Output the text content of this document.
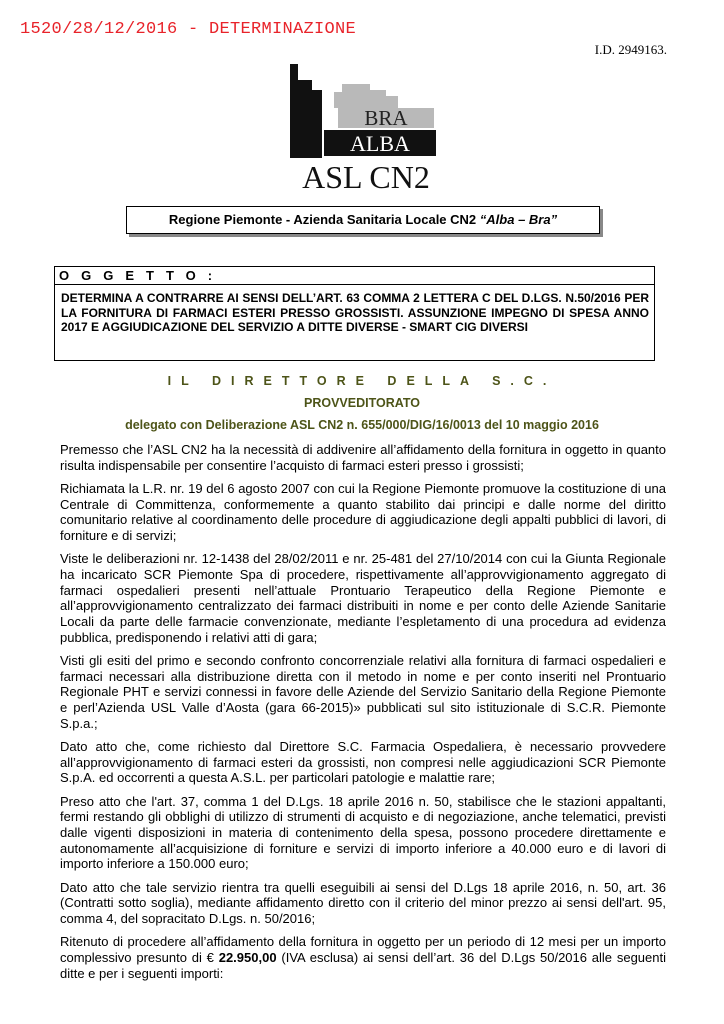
1520/28/12/2016 - DETERMINAZIONE
I.D. 2949163.
BRA
ALBA
ASL CN2
Regione Piemonte - Azienda Sanitaria Locale CN2 “Alba – Bra”
OGGETTO:
DETERMINA A CONTRARRE AI SENSI DELL’ART. 63 COMMA 2 LETTERA C DEL D.LGS. N.50/2016 PER LA FORNITURA DI FARMACI ESTERI PRESSO GROSSISTI. ASSUNZIONE IMPEGNO DI SPESA ANNO 2017 E AGGIUDICAZIONE DEL SERVIZIO A DITTE DIVERSE - SMART CIG DIVERSI
IL DIRETTORE DELLA S.C.
PROVVEDITORATO
delegato con Deliberazione ASL CN2 n. 655/000/DIG/16/0013 del 10 maggio 2016

Premesso che l’ASL CN2 ha la necessità di addivenire all’affidamento della fornitura in oggetto in quanto risulta indispensabile per consentire l’acquisto di farmaci esteri presso i grossisti;

Richiamata la L.R. nr. 19 del 6 agosto 2007 con cui la Regione Piemonte promuove la costituzione di una Centrale di Committenza, conformemente a quanto stabilito dai principi e dalle norme del diritto comunitario relative al coordinamento delle procedure di aggiudicazione degli appalti pubblici di lavori, di forniture e di servizi;

Viste le deliberazioni nr. 12-1438 del 28/02/2011 e nr. 25-481 del 27/10/2014 con cui la Giunta Regionale ha incaricato SCR Piemonte Spa di procedere, rispettivamente all’approvvigionamento aggregato di farmaci ospedalieri presenti nell’attuale Prontuario Terapeutico della Regione Piemonte e all’approvvigionamento centralizzato dei farmaci distribuiti in nome e per conto delle Aziende Sanitarie Locali da parte delle farmacie convenzionate, mediante l’espletamento di una procedura ad evidenza pubblica, predisponendo i relativi atti di gara;

Visti gli esiti del primo e secondo confronto concorrenziale relativi alla fornitura di farmaci ospedalieri e farmaci necessari alla distribuzione diretta con il metodo in nome e per conto inseriti nel Prontuario Regionale PHT e servizi connessi in favore delle Aziende del Servizio Sanitario della Regione Piemonte e perl’Azienda USL Valle d’Aosta (gara 66-2015)» pubblicati sul sito istituzionale di S.C.R. Piemonte S.p.a.;

Dato atto che, come richiesto dal Direttore S.C. Farmacia Ospedaliera, è necessario provvedere all’approvvigionamento di farmaci esteri da grossisti, non compresi nelle aggiudicazioni SCR Piemonte S.p.A. ed occorrenti a questa A.S.L. per particolari patologie e malattie rare;

Preso atto che l'art. 37, comma 1 del D.Lgs. 18 aprile 2016 n. 50, stabilisce che le stazioni appaltanti, fermi restando gli obblighi di utilizzo di strumenti di acquisto e di negoziazione, anche telematici, previsti dalle vigenti disposizioni in materia di contenimento della spesa, possono procedere direttamente e autonomamente all’acquisizione di forniture e servizi di importo inferiore a 40.000 euro e di lavori di importo inferiore a 150.000 euro;

Dato atto che tale servizio rientra tra quelli eseguibili ai sensi del D.Lgs 18 aprile 2016, n. 50, art. 36 (Contratti sotto soglia), mediante affidamento diretto con il criterio del minor prezzo ai sensi dell'art. 95, comma 4, del sopracitato D.Lgs. n. 50/2016;

Ritenuto di procedere all’affidamento della fornitura in oggetto per un periodo di 12 mesi per un importo complessivo presunto di € 22.950,00 (IVA esclusa) ai sensi dell’art. 36 del D.Lgs 50/2016 alle seguenti ditte e per i seguenti importi:
